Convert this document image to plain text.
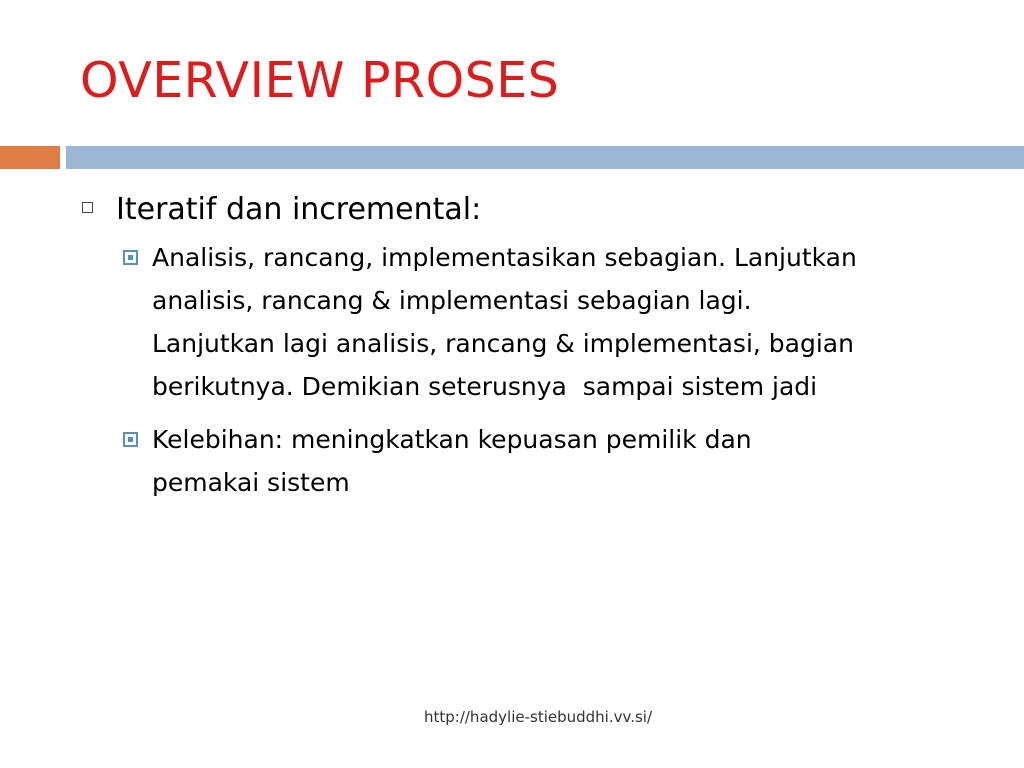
OVERVIEW PROSES
Iteratif dan incremental:
Analisis, rancang, implementasikan sebagian. Lanjutkan
analisis, rancang & implementasi sebagian lagi.
Lanjutkan lagi analisis, rancang & implementasi, bagian
berikutnya. Demikian seterusnya  sampai sistem jadi
Kelebihan: meningkatkan kepuasan pemilik dan
pemakai sistem
http://hadylie-stiebuddhi.vv.si/
